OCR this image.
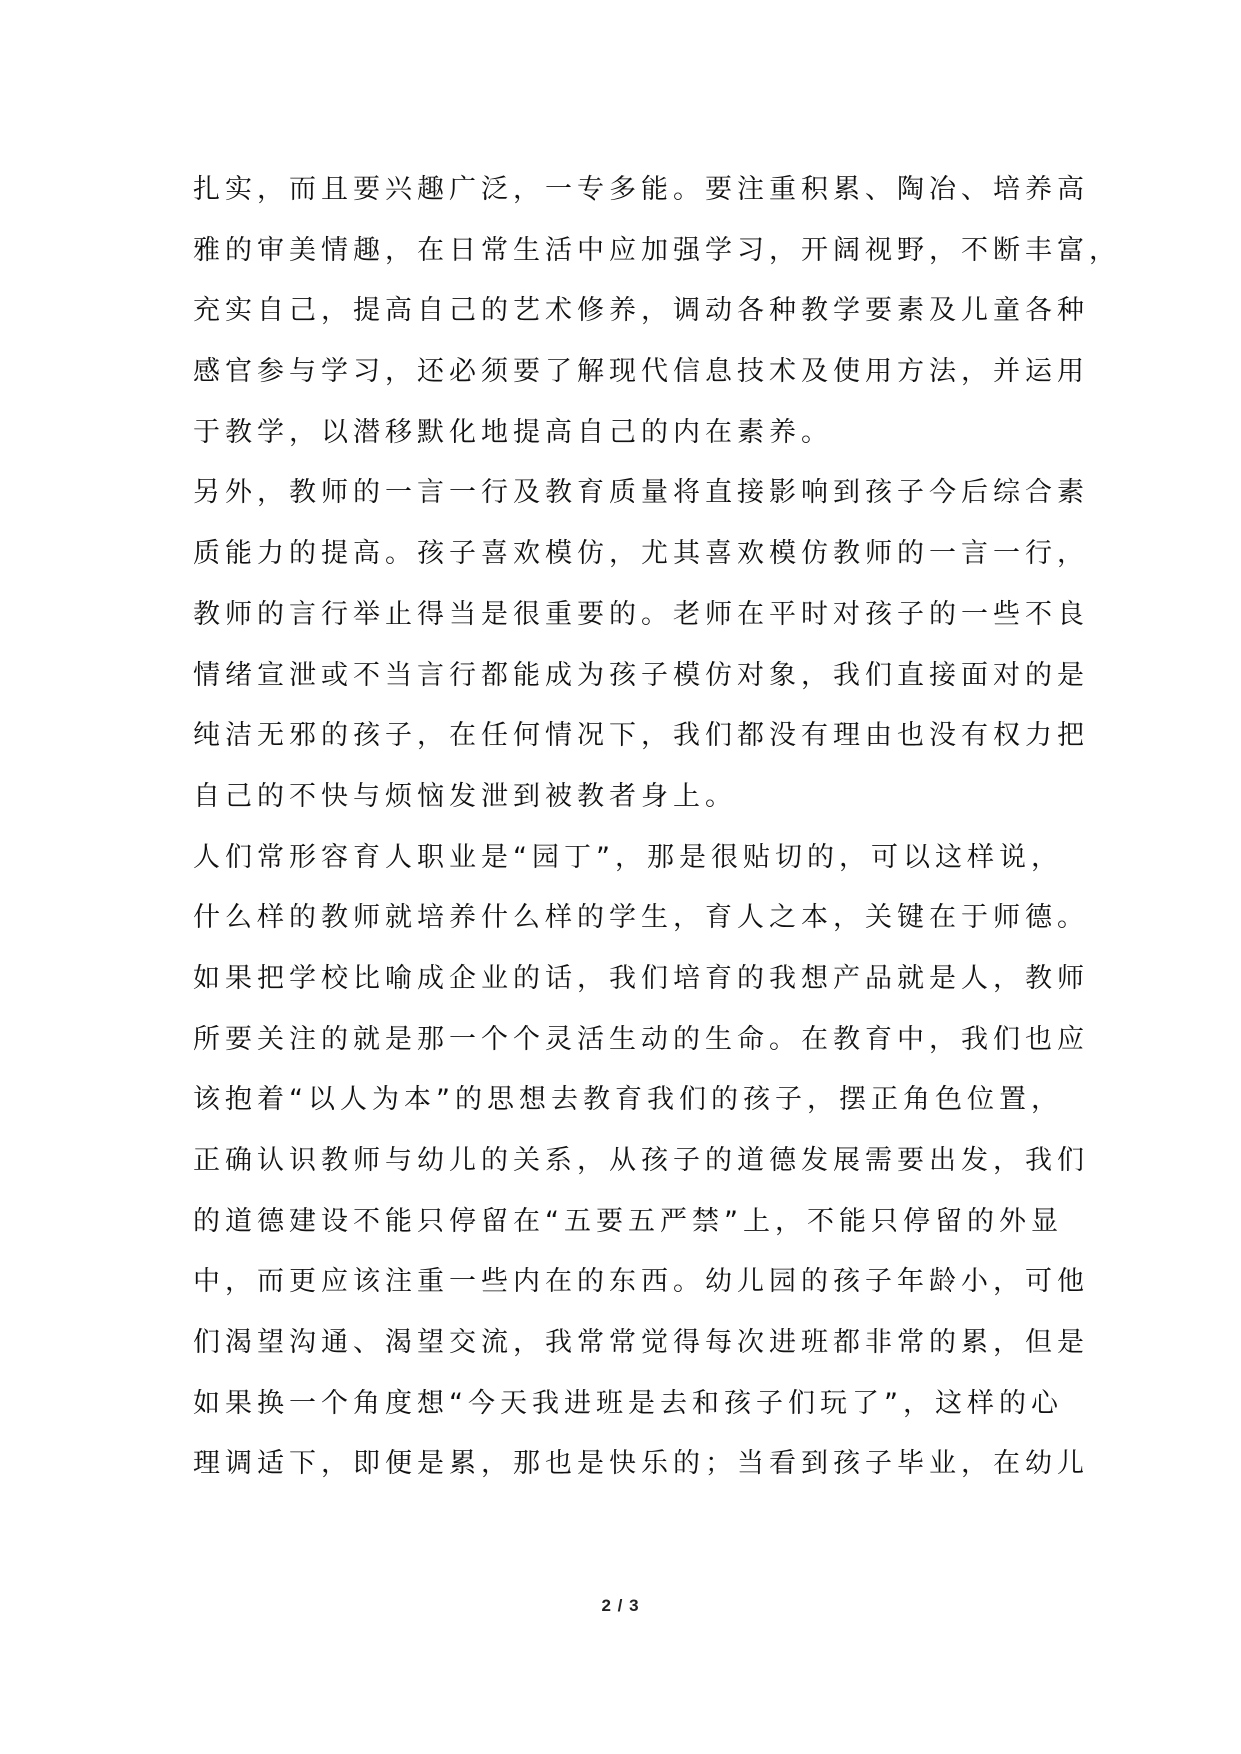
扎实，而且要兴趣广泛，一专多能。要注重积累、陶冶、培养高
雅的审美情趣，在日常生活中应加强学习，开阔视野，不断丰富，
充实自己，提高自己的艺术修养，调动各种教学要素及儿童各种
感官参与学习，还必须要了解现代信息技术及使用方法，并运用
于教学，以潜移默化地提高自己的内在素养。
另外，教师的一言一行及教育质量将直接影响到孩子今后综合素
质能力的提高。孩子喜欢模仿，尤其喜欢模仿教师的一言一行，
教师的言行举止得当是很重要的。老师在平时对孩子的一些不良
情绪宣泄或不当言行都能成为孩子模仿对象，我们直接面对的是
纯洁无邪的孩子，在任何情况下，我们都没有理由也没有权力把
自己的不快与烦恼发泄到被教者身上。
人们常形容育人职业是“园丁”，那是很贴切的，可以这样说，
什么样的教师就培养什么样的学生，育人之本，关键在于师德。
如果把学校比喻成企业的话，我们培育的我想产品就是人，教师
所要关注的就是那一个个灵活生动的生命。在教育中，我们也应
该抱着“以人为本”的思想去教育我们的孩子，摆正角色位置，
正确认识教师与幼儿的关系，从孩子的道德发展需要出发，我们
的道德建设不能只停留在“五要五严禁”上，不能只停留的外显
中，而更应该注重一些内在的东西。幼儿园的孩子年龄小，可他
们渴望沟通、渴望交流，我常常觉得每次进班都非常的累，但是
如果换一个角度想“今天我进班是去和孩子们玩了”，这样的心
理调适下，即便是累，那也是快乐的；当看到孩子毕业，在幼儿
2 / 3
